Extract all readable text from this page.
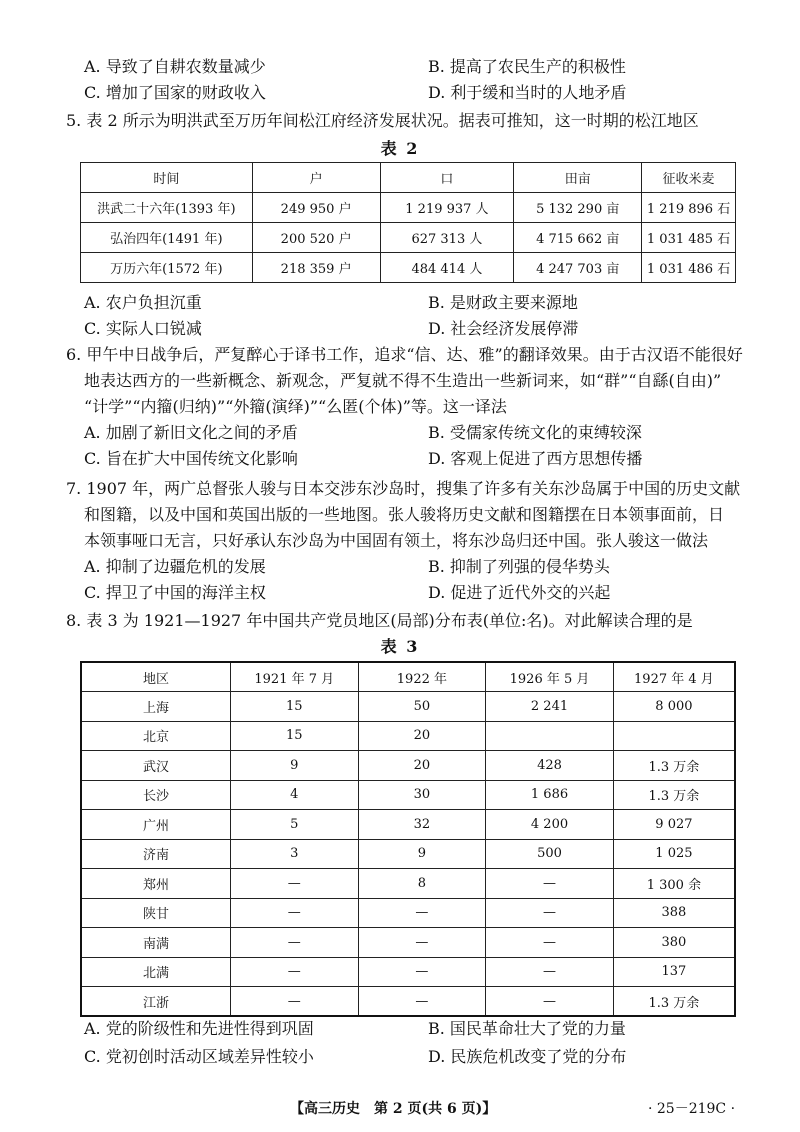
A. 导致了自耕农数量减少	B. 提高了农民生产的积极性
C. 增加了国家的财政收入	D. 利于缓和当时的人地矛盾
5. 表 2 所示为明洪武至万历年间松江府经济发展状况。据表可推知，这一时期的松江地区
表 2
时间	户	口	田亩	征收米麦
洪武二十六年(1393 年)	249 950 户	1 219 937 人	5 132 290 亩	1 219 896 石
弘治四年(1491 年)	200 520 户	627 313 人	4 715 662 亩	1 031 485 石
万历六年(1572 年)	218 359 户	484 414 人	4 247 703 亩	1 031 486 石
A. 农户负担沉重	B. 是财政主要来源地
C. 实际人口锐减	D. 社会经济发展停滞
6. 甲午中日战争后，严复醉心于译书工作，追求“信、达、雅”的翻译效果。由于古汉语不能很好
地表达西方的一些新概念、新观念，严复就不得不生造出一些新词来，如“群”“自繇(自由)”
“计学”“内籀(归纳)”“外籀(演绎)”“么匿(个体)”等。这一译法
A. 加剧了新旧文化之间的矛盾	B. 受儒家传统文化的束缚较深
C. 旨在扩大中国传统文化影响	D. 客观上促进了西方思想传播
7. 1907 年，两广总督张人骏与日本交涉东沙岛时，搜集了许多有关东沙岛属于中国的历史文献
和图籍，以及中国和英国出版的一些地图。张人骏将历史文献和图籍摆在日本领事面前，日
本领事哑口无言，只好承认东沙岛为中国固有领土，将东沙岛归还中国。张人骏这一做法
A. 抑制了边疆危机的发展	B. 抑制了列强的侵华势头
C. 捍卫了中国的海洋主权	D. 促进了近代外交的兴起
8. 表 3 为 1921—1927 年中国共产党员地区(局部)分布表(单位:名)。对此解读合理的是
表 3
地区	1921 年 7 月	1922 年	1926 年 5 月	1927 年 4 月
上海	15	50	2 241	8 000
北京	15	20		
武汉	9	20	428	1.3 万余
长沙	4	30	1 686	1.3 万余
广州	5	32	4 200	9 027
济南	3	9	500	1 025
郑州	—	8	—	1 300 余
陕甘	—	—	—	388
南满	—	—	—	380
北满	—	—	—	137
江浙	—	—	—	1.3 万余
A. 党的阶级性和先进性得到巩固	B. 国民革命壮大了党的力量
C. 党初创时活动区域差异性较小	D. 民族危机改变了党的分布
【高三历史　第 2 页(共 6 页)】	· 25－219C ·
